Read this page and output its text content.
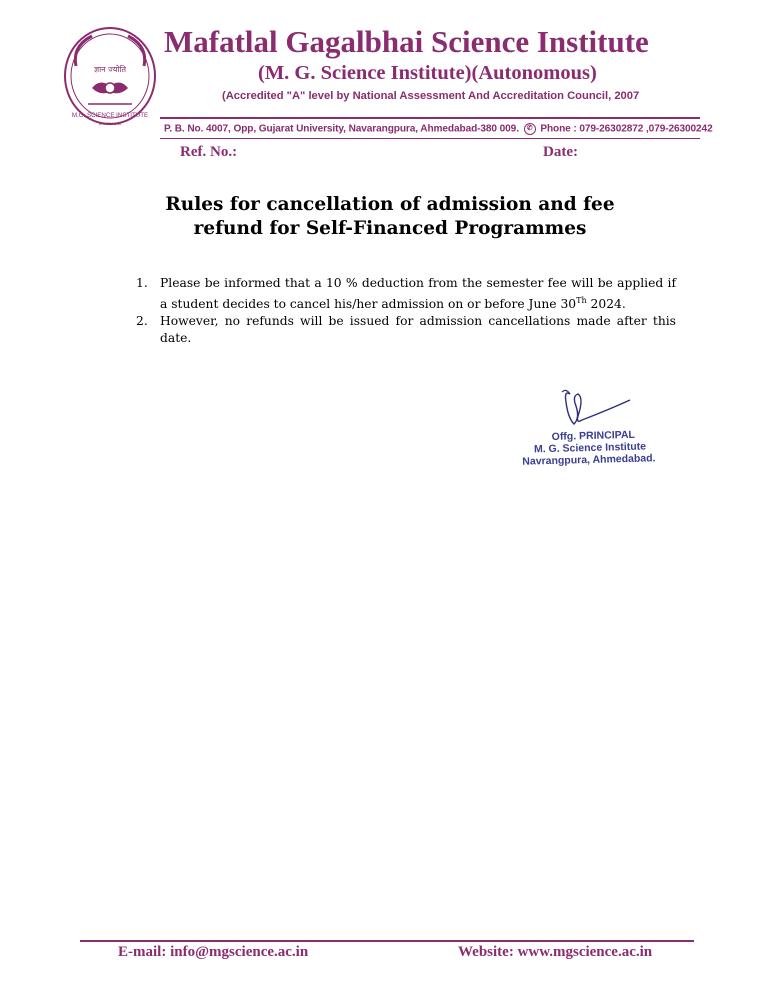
ज्ञान ज्योति
M.G. SCIENCE INSTITUTE
AHMEDABAD
Mafatlal Gagalbhai Science Institute
(M. G. Science Institute)(Autonomous)
(Accredited "A" level by National Assessment And Accreditation Council, 2007
P. B. No. 4007, Opp, Gujarat University, Navarangpura, Ahmedabad-380 009. ✆ Phone : 079-26302872 ,079-26300242
Ref. No.:	Date:
Rules for cancellation of admission and fee
refund for Self-Financed Programmes
1. Please be informed that a 10 % deduction from the semester fee will be applied if a student decides to cancel his/her admission on or before June 30Th 2024.
2. However, no refunds will be issued for admission cancellations made after this date.
Offg. PRINCIPAL
M. G. Science Institute
Navrangpura, Ahmedabad.
E-mail: info@mgscience.ac.in	Website: www.mgscience.ac.in
